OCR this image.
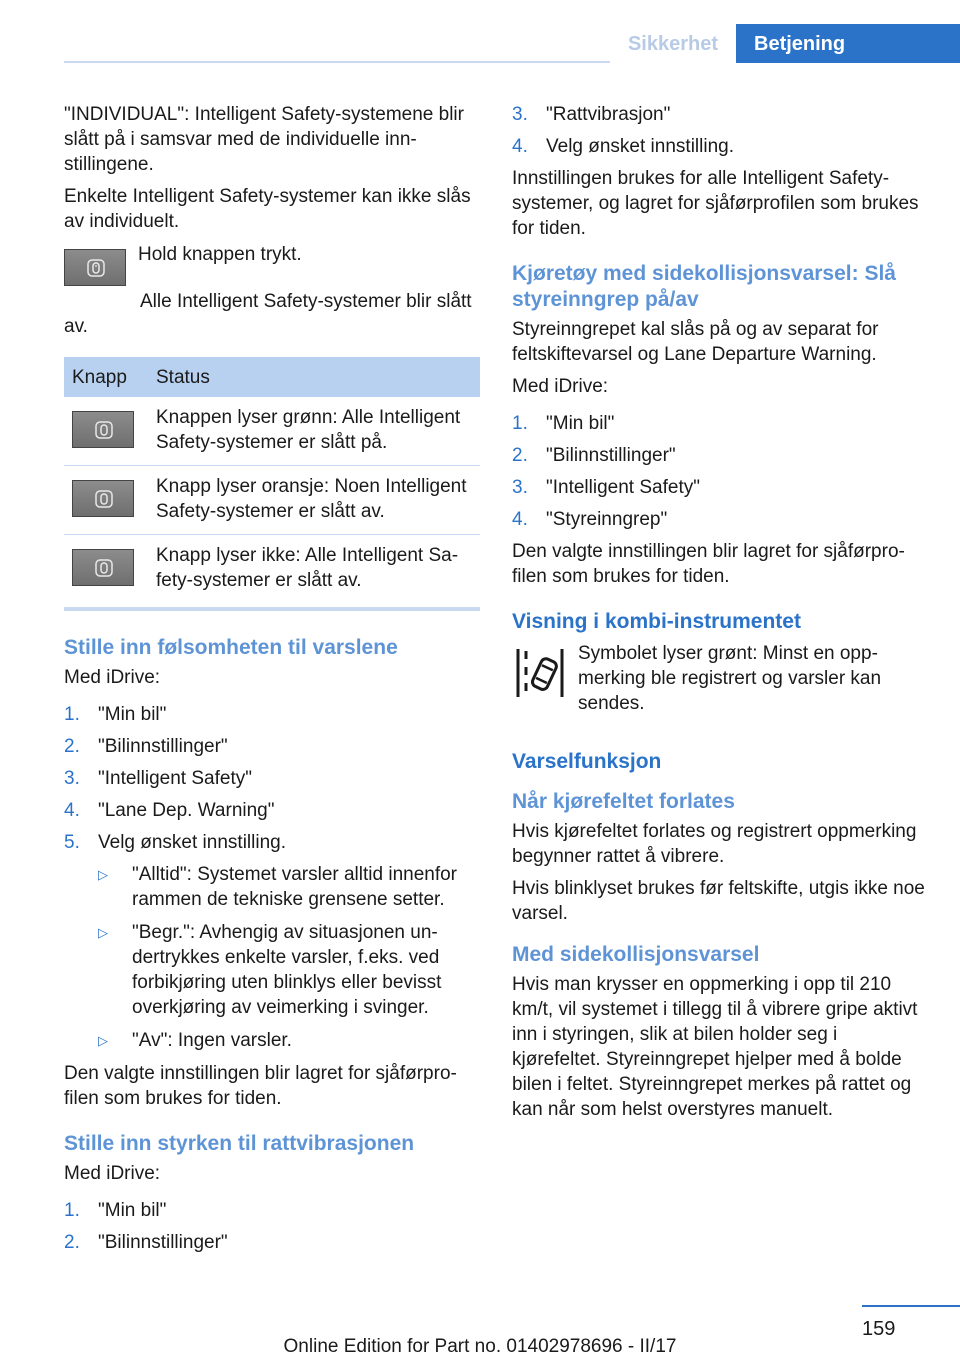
Sikkerhet	Betjening

"INDIVIDUAL": Intelligent Safety-systemene blir slått på i samsvar med de individuelle innstillingene.

Enkelte Intelligent Safety-systemer kan ikke slås av individuelt.

Hold knappen trykt.

Alle Intelligent Safety-systemer blir slått av.

Knapp	Status

	Knappen lyser grønn: Alle Intelligent Safety-systemer er slått på.

	Knapp lyser oransje: Noen Intelligent Safety-systemer er slått av.

	Knapp lyser ikke: Alle Intelligent Safety-systemer er slått av.
Stille inn følsomheten til varslene

Med iDrive:

1. "Min bil"
2. "Bilinnstillinger"
3. "Intelligent Safety"
4. "Lane Dep. Warning"
5. Velg ønsket innstilling.
▷	"Alltid": Systemet varsler alltid innenfor rammen de tekniske grensene setter.
▷	"Begr.": Avhengig av situasjonen undertrykkes enkelte varsler, f.eks. ved forbikjøring uten blinklys eller bevisst overkjøring av veimerking i svinger.
▷	"Av": Ingen varsler.

Den valgte innstillingen blir lagret for sjåførprofilen som brukes for tiden.

Stille inn styrken til rattvibrasjonen

Med iDrive:

1. "Min bil"
2. "Bilinnstillinger"
3. "Rattvibrasjon"
4. Velg ønsket innstilling.

Innstillingen brukes for alle Intelligent Safety-systemer, og lagret for sjåførprofilen som brukes for tiden.

Kjøretøy med sidekollisjonsvarsel: Slå styreinngrep på/av

Styreinngrepet kal slås på og av separat for feltskiftevarsel og Lane Departure Warning.

Med iDrive:

1. "Min bil"
2. "Bilinnstillinger"
3. "Intelligent Safety"
4. "Styreinngrep"

Den valgte innstillingen blir lagret for sjåførprofilen som brukes for tiden.

Visning i kombi-instrumentet

Symbolet lyser grønt: Minst en oppmerking ble registrert og varsler kan sendes.

Varselfunksjon
Når kjørefeltet forlates

Hvis kjørefeltet forlates og registrert oppmerking begynner rattet å vibrere.

Hvis blinklyset brukes før feltskifte, utgis ikke noe varsel.

Med sidekollisjonsvarsel

Hvis man krysser en oppmerking i opp til 210 km/t, vil systemet i tillegg til å vibrere gripe aktivt inn i styringen, slik at bilen holder seg i kjørefeltet. Styreinngrepet hjelper med å bolde bilen i feltet. Styreinngrepet merkes på rattet og kan når som helst overstyres manuelt.

159
Online Edition for Part no. 01402978696 - II/17
